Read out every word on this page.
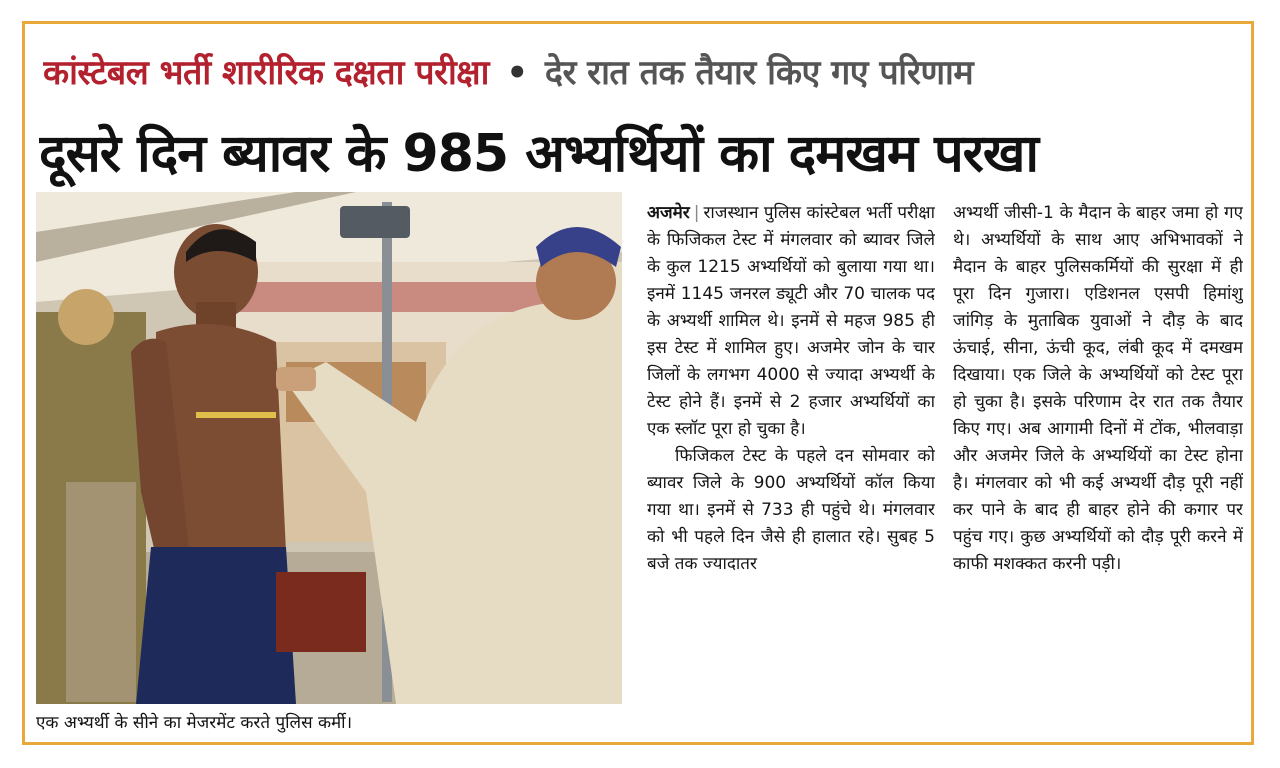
कांस्टेबल भर्ती शारीरिक दक्षता परीक्षा • देर रात तक तैयार किए गए परिणाम
दूसरे दिन ब्यावर के 985 अभ्यर्थियों का दमखम परखा
एक अभ्यर्थी के सीने का मेजरमेंट करते पुलिस कर्मी।

अजमेर | राजस्थान पुलिस कांस्टेबल भर्ती परीक्षा के फिजिकल टेस्ट में मंगलवार को ब्यावर जिले के कुल 1215 अभ्यर्थियों को बुलाया गया था। इनमें 1145 जनरल ड्यूटी और 70 चालक पद के अभ्यर्थी शामिल थे। इनमें से महज 985 ही इस टेस्ट में शामिल हुए। अजमेर जोन के चार जिलों के लगभग 4000 से ज्यादा अभ्यर्थी के टेस्ट होने हैं। इनमें से 2 हजार अभ्यर्थियों का एक स्लॉट पूरा हो चुका है।

फिजिकल टेस्ट के पहले दन सोमवार को ब्यावर जिले के 900 अभ्यर्थियों कॉल किया गया था। इनमें से 733 ही पहुंचे थे। मंगलवार को भी पहले दिन जैसे ही हालात रहे। सुबह 5 बजे तक ज्यादातर

अभ्यर्थी जीसी-1 के मैदान के बाहर जमा हो गए थे। अभ्यर्थियों के साथ आए अभिभावकों ने मैदान के बाहर पुलिसकर्मियों की सुरक्षा में ही पूरा दिन गुजारा। एडिशनल एसपी हिमांशु जांगिड़ के मुताबिक युवाओं ने दौड़ के बाद ऊंचाई, सीना, ऊंची कूद, लंबी कूद में दमखम दिखाया। एक जिले के अभ्यर्थियों को टेस्ट पूरा हो चुका है। इसके परिणाम देर रात तक तैयार किए गए। अब आगामी दिनों में टोंक, भीलवाड़ा और अजमेर जिले के अभ्यर्थियों का टेस्ट होना है। मंगलवार को भी कई अभ्यर्थी दौड़ पूरी नहीं कर पाने के बाद ही बाहर होने की कगार पर पहुंच गए। कुछ अभ्यर्थियों को दौड़ पूरी करने में काफी मशक्कत करनी पड़ी।
